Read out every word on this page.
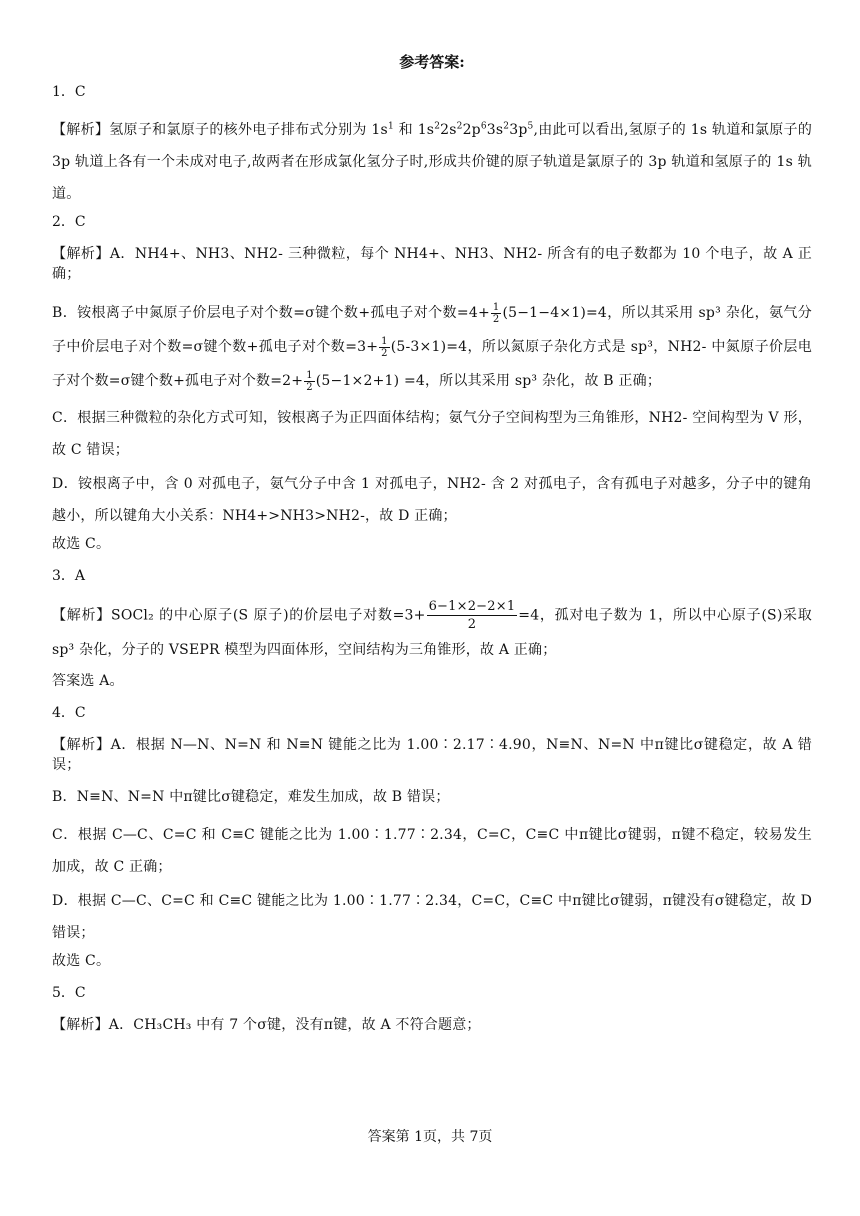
参考答案:
1．C
【解析】氢原子和氯原子的核外电子排布式分别为 $1s^1$ 和 $1s^22s^22p^63s^23p^5$,由此可以看出,氢原子的 1s 轨道和氯原子的 3p 轨道上各有一个未成对电子,故两者在形成氯化氢分子时,形成共价键的原子轨道是氯原子的 3p 轨道和氢原子的 1s 轨道。
2．C
【解析】A．NH4+、NH3、NH2- 三种微粒，每个 NH4+、NH3、NH2- 所含有的电子数都为 10 个电子，故 A 正确；
B．铵根离子中氮原子价层电子对个数=σ键个数+孤电子对个数$=4+ \frac{1}{2} (5-1-4\times 1)=4$，所以其采用 sp³ 杂化，氨气分子中价层电子对个数=σ键个数+孤电子对个数$=3+ \frac{1}{2} (5-3\times 1)=4$，所以氮原子杂化方式是 sp³，NH2- 中氮原子价层电子对个数=σ键个数+孤电子对个数$=2+ \frac{1}{2} (5-1\times 2+1) =4$，所以其采用 sp³ 杂化，故 B 正确；
C．根据三种微粒的杂化方式可知，铵根离子为正四面体结构；氨气分子空间构型为三角锥形，NH2- 空间构型为 V 形，故 C 错误；
D．铵根离子中，含 0 对孤电子，氨气分子中含 1 对孤电子，NH2- 含 2 对孤电子，含有孤电子对越多，分子中的键角越小，所以键角大小关系：NH4+>NH3>NH2-，故 D 正确；
故选 C。
3．A
【解析】SOCl₂ 的中心原子(S 原子)的价层电子对数$=3+ \frac{6-1\times 2-2\times 1}{2} =4$，孤对电子数为 1，所以中心原子(S)采取 sp³ 杂化，分子的 VSEPR 模型为四面体形，空间结构为三角锥形，故 A 正确；
答案选 A。
4．C
【解析】A．根据 N—N、N=N 和 N≡N 键能之比为 1.00∶2.17∶4.90，N≡N、N=N 中π键比σ键稳定，故 A 错误；
B．N≡N、N=N 中π键比σ键稳定，难发生加成，故 B 错误；
C．根据 C—C、C=C 和 C≡C 键能之比为 1.00∶1.77∶2.34，C=C，C≡C 中π键比σ键弱，π键不稳定，较易发生加成，故 C 正确；
D．根据 C—C、C=C 和 C≡C 键能之比为 1.00∶1.77∶2.34，C=C，C≡C 中π键比σ键弱，π键没有σ键稳定，故 D 错误；
故选 C。
5．C
【解析】A．CH₃CH₃ 中有 7 个σ键，没有π键，故 A 不符合题意；
答案第 1页，共 7页
